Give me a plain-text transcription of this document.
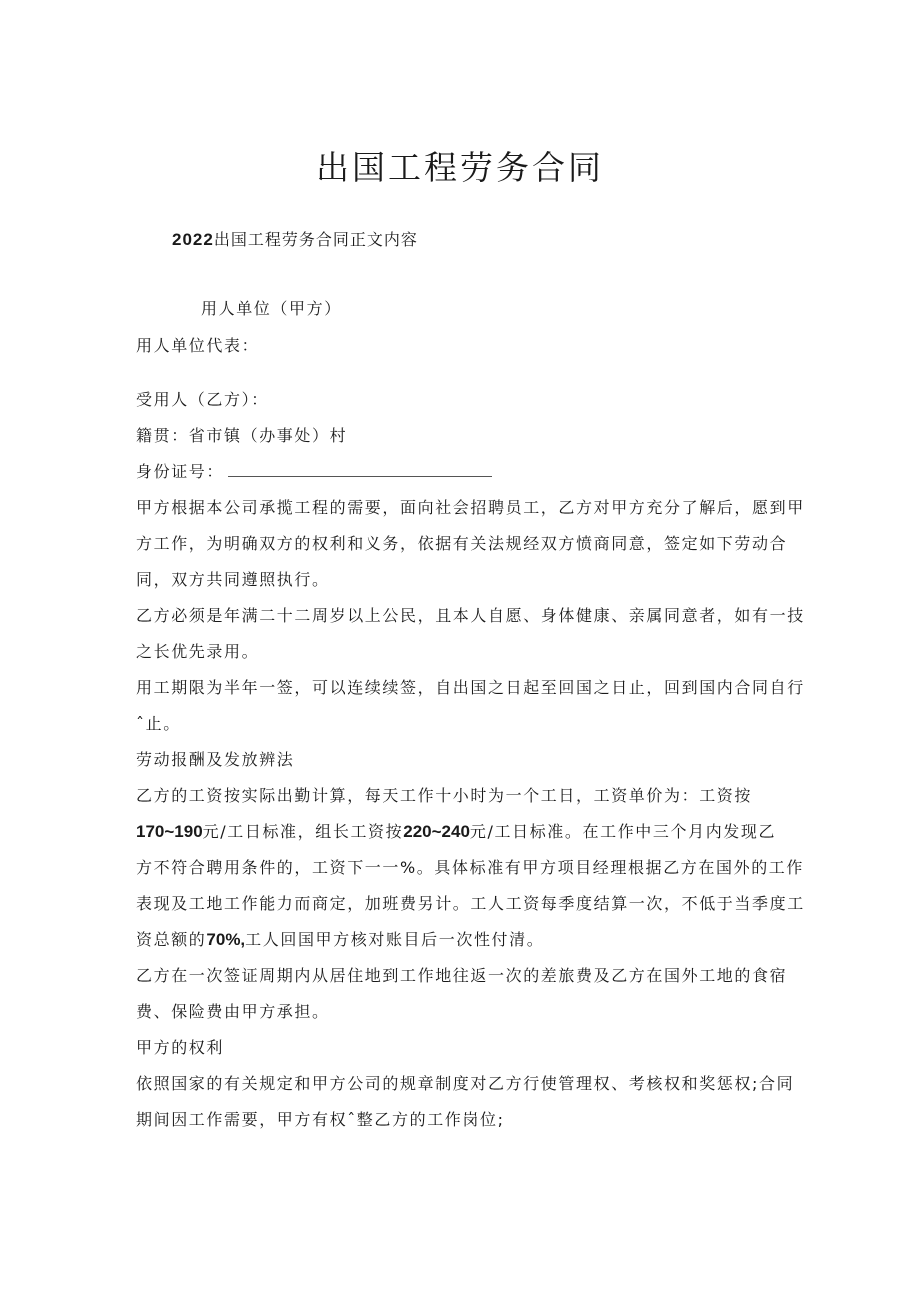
出国工程劳务合同
2022出国工程劳务合同正文内容
用人单位（甲方）
用人单位代表：
受用人（乙方）：
籍贯：省市镇（办事处）村
身份证号：
甲方根据本公司承揽工程的需要，面向社会招聘员工，乙方对甲方充分了解后，愿到甲
方工作，为明确双方的权利和义务，依据有关法规经双方愤商同意，签定如下劳动合
同，双方共同遵照执行。
乙方必须是年满二十二周岁以上公民，且本人自愿、身体健康、亲属同意者，如有一技
之长优先录用。
用工期限为半年一签，可以连续续签，自出国之日起至回国之日止，回到国内合同自行
ˆ止。
劳动报酬及发放辨法
乙方的工资按实际出勤计算，每天工作十小时为一个工日，工资单价为：工资按
170~190元/工日标准，组长工资按220~240元/工日标准。在工作中三个月内发现乙
方不符合聘用条件的，工资下一一%。具体标准有甲方项目经理根据乙方在国外的工作
表现及工地工作能力而商定，加班费另计。工人工资每季度结算一次，不低于当季度工
资总额的70%,工人回国甲方核对账目后一次性付清。
乙方在一次签证周期内从居住地到工作地往返一次的差旅费及乙方在国外工地的食宿
费、保险费由甲方承担。
甲方的权利
依照国家的有关规定和甲方公司的规章制度对乙方行使管理权、考核权和奖惩权;合同
期间因工作需要，甲方有权ˆ整乙方的工作岗位;
